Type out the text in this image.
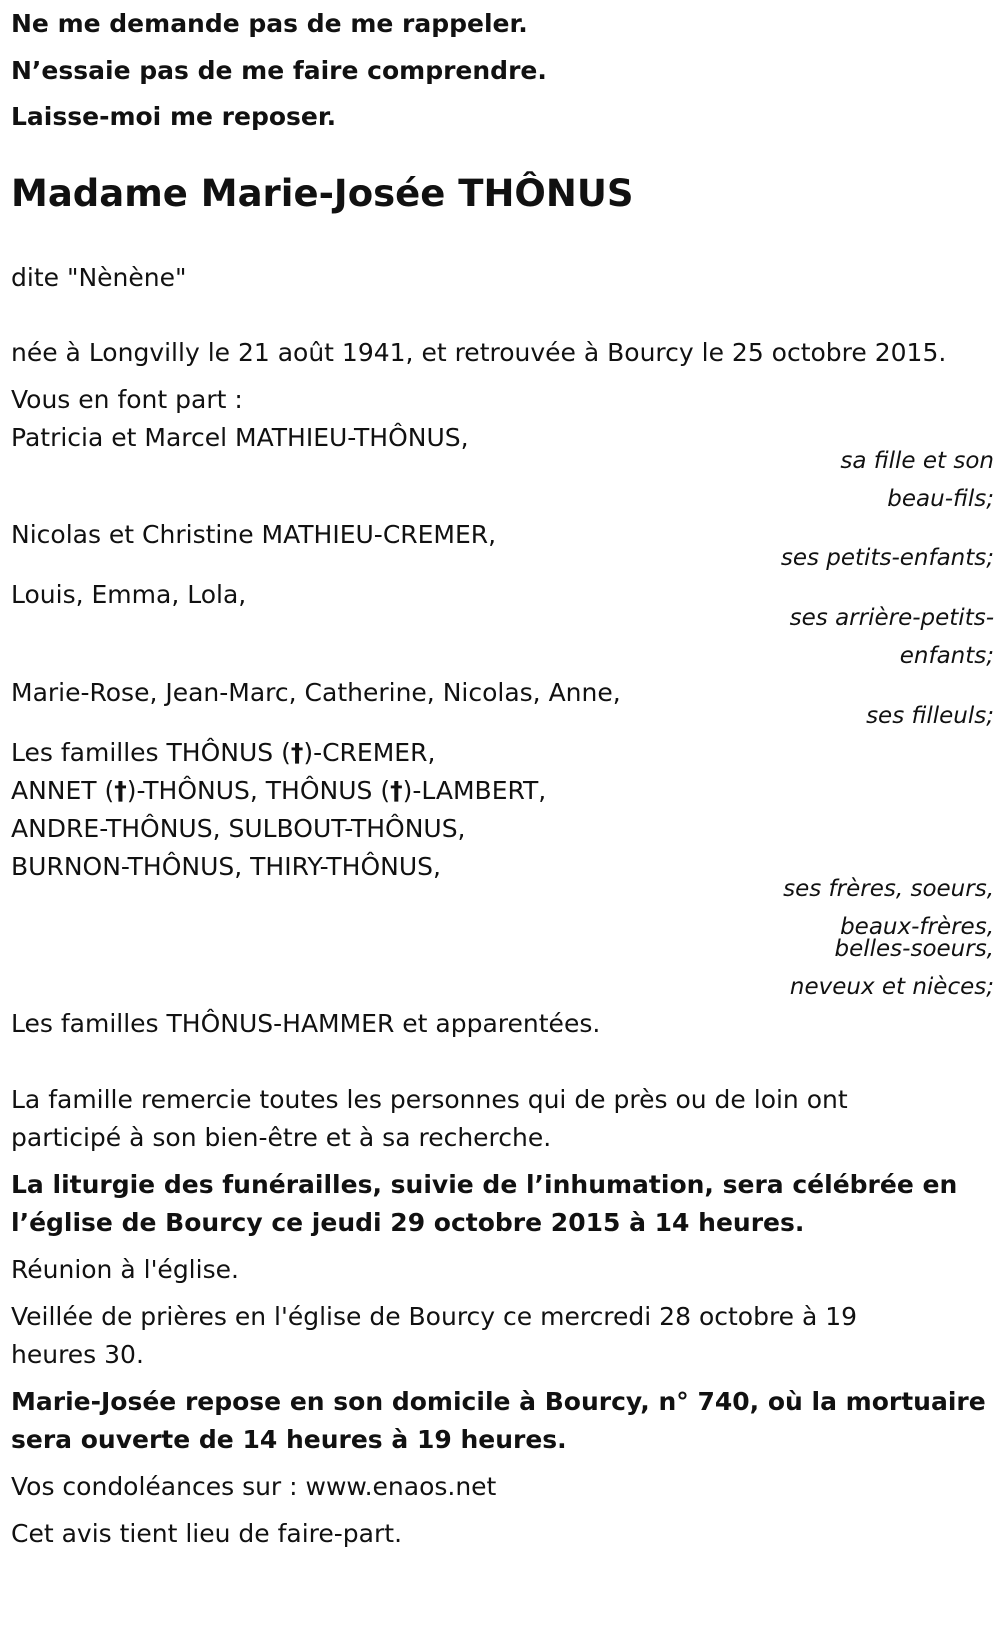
Ne me demande pas de me rappeler.

N’essaie pas de me faire comprendre.

Laisse-moi me reposer.

Madame Marie-Josée THÔNUS

dite "Nènène"

née à Longvilly le 21 août 1941, et retrouvée à Bourcy le 25 octobre 2015.

Vous en font part :

Patricia et Marcel MATHIEU-THÔNUS,

sa fille et son

beau-fils;

Nicolas et Christine MATHIEU-CREMER,

ses petits-enfants;

Louis, Emma, Lola,

ses arrière-petits-

enfants;

Marie-Rose, Jean-Marc, Catherine, Nicolas, Anne,

ses filleuls;

Les familles THÔNUS (†)-CREMER,

ANNET (†)-THÔNUS, THÔNUS (†)-LAMBERT,

ANDRE-THÔNUS, SULBOUT-THÔNUS,

BURNON-THÔNUS, THIRY-THÔNUS,

ses frères, soeurs,

beaux-frères,

belles-soeurs,

neveux et nièces;

Les familles THÔNUS-HAMMER et apparentées.

La famille remercie toutes les personnes qui de près ou de loin ont

participé à son bien-être et à sa recherche.

La liturgie des funérailles, suivie de l’inhumation, sera célébrée en

l’église de Bourcy ce jeudi 29 octobre 2015 à 14 heures.

Réunion à l'église.

Veillée de prières en l'église de Bourcy ce mercredi 28 octobre à 19

heures 30.

Marie-Josée repose en son domicile à Bourcy, n° 740, où la mortuaire

sera ouverte de 14 heures à 19 heures.

Vos condoléances sur : www.enaos.net

Cet avis tient lieu de faire-part.
